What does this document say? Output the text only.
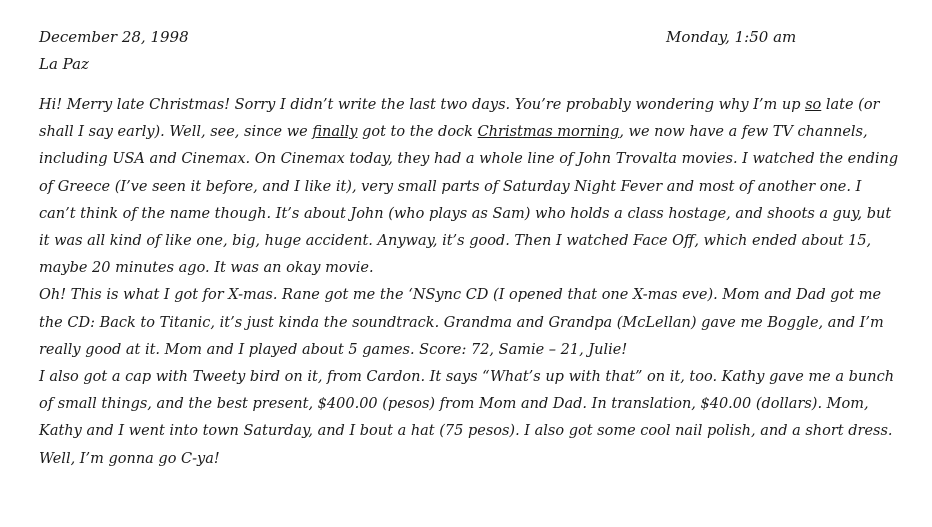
December 28, 1998	Monday, 1:50 am
La Paz

Hi! Merry late Christmas! Sorry I didn’t write the last two days. You’re probably wondering why I’m up so late (or shall I say early). Well, see, since we finally got to the dock Christmas morning, we now have a few TV channels, including USA and Cinemax. On Cinemax today, they had a whole line of John Trovalta movies. I watched the ending of Greece (I’ve seen it before, and I like it), very small parts of Saturday Night Fever and most of another one. I can’t think of the name though. It’s about John (who plays as Sam) who holds a class hostage, and shoots a guy, but it was all kind of like one, big, huge accident. Anyway, it’s good. Then I watched Face Off, which ended about 15, maybe 20 minutes ago. It was an okay movie.

Oh! This is what I got for X-mas. Rane got me the ‘NSync CD (I opened that one X-mas eve). Mom and Dad got me the CD: Back to Titanic, it’s just kinda the soundtrack. Grandma and Grandpa (McLellan) gave me Boggle, and I’m really good at it. Mom and I played about 5 games. Score: 72, Samie – 21, Julie!

I also got a cap with Tweety bird on it, from Cardon. It says “What’s up with that” on it, too. Kathy gave me a bunch of small things, and the best present, $400.00 (pesos) from Mom and Dad. In translation, $40.00 (dollars). Mom, Kathy and I went into town Saturday, and I bout a hat (75 pesos). I also got some cool nail polish, and a short dress.

Well, I’m gonna go C-ya!
